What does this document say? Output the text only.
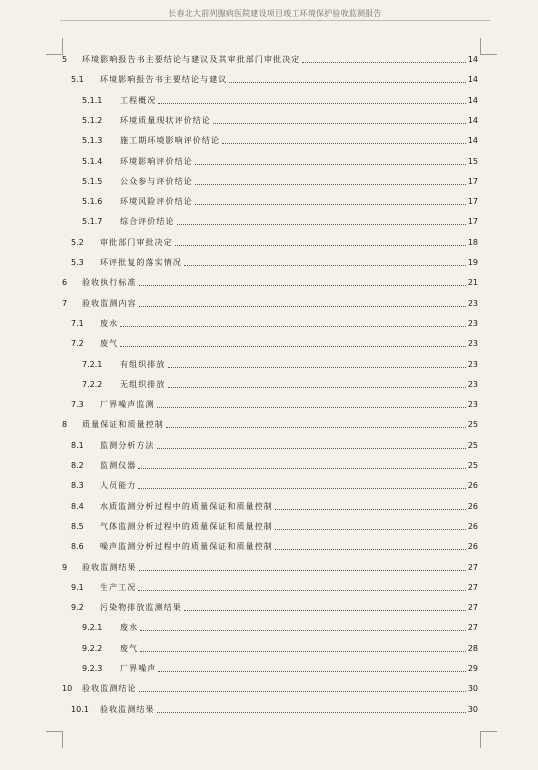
长春北大前列腺病医院建设项目竣工环境保护验收监测报告
5 环境影响报告书主要结论与建议及其审批部门审批决定	14
5.1 环境影响报告书主要结论与建议	14
5.1.1 工程概况	14
5.1.2 环境质量现状评价结论	14
5.1.3 施工期环境影响评价结论	14
5.1.4 环境影响评价结论	15
5.1.5 公众参与评价结论	17
5.1.6 环境风险评价结论	17
5.1.7 综合评价结论	17
5.2 审批部门审批决定	18
5.3 环评批复的落实情况	19
6 验收执行标准	21
7 验收监测内容	23
7.1 废水	23
7.2 废气	23
7.2.1 有组织排放	23
7.2.2 无组织排放	23
7.3 厂界噪声监测	23
8 质量保证和质量控制	25
8.1 监测分析方法	25
8.2 监测仪器	25
8.3 人员能力	26
8.4 水质监测分析过程中的质量保证和质量控制	26
8.5 气体监测分析过程中的质量保证和质量控制	26
8.6 噪声监测分析过程中的质量保证和质量控制	26
9 验收监测结果	27
9.1 生产工况	27
9.2 污染物排放监测结果	27
9.2.1 废水	27
9.2.2 废气	28
9.2.3 厂界噪声	29
10 验收监测结论	30
10.1 验收监测结果	30
